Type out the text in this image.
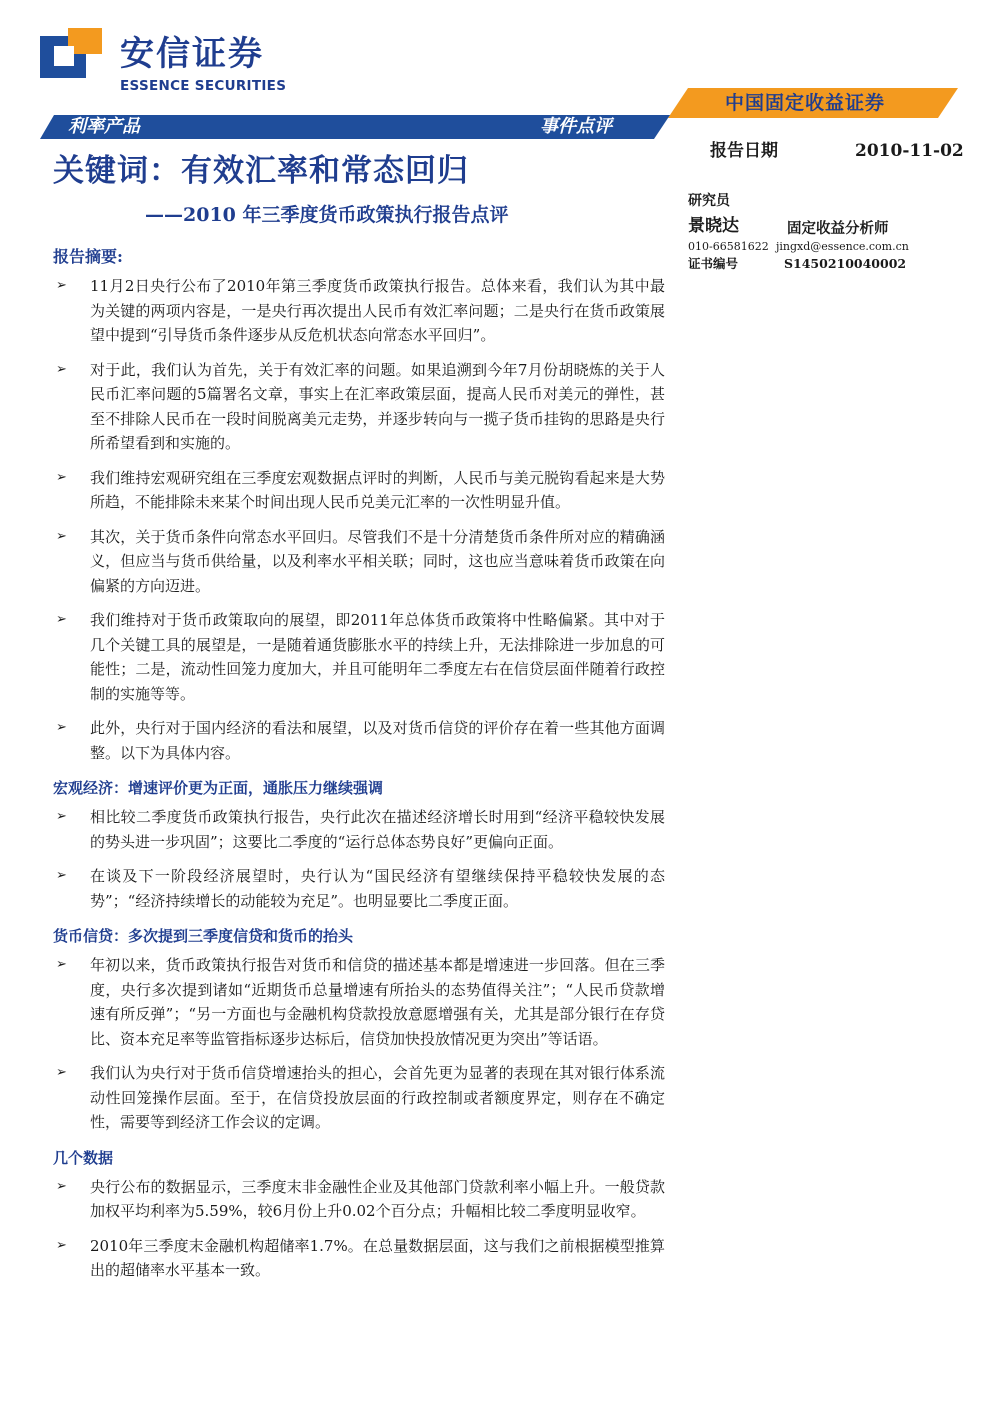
安信证券
ESSENCE SECURITIES
中国固定收益证券
利率产品	事件点评
关键词：有效汇率和常态回归
——2010 年三季度货币政策执行报告点评
报告日期	2010-11-02
研究员
景晓达	固定收益分析师
010-66581622 jingxd@essence.com.cn
证书编号	S1450210040002
报告摘要:
➢ 11月2日央行公布了2010年第三季度货币政策执行报告。总体来看，我们认为其中最为关键的两项内容是，一是央行再次提出人民币有效汇率问题；二是央行在货币政策展望中提到“引导货币条件逐步从反危机状态向常态水平回归”。
➢ 对于此，我们认为首先，关于有效汇率的问题。如果追溯到今年7月份胡晓炼的关于人民币汇率问题的5篇署名文章，事实上在汇率政策层面，提高人民币对美元的弹性，甚至不排除人民币在一段时间脱离美元走势，并逐步转向与一揽子货币挂钩的思路是央行所希望看到和实施的。
➢ 我们维持宏观研究组在三季度宏观数据点评时的判断，人民币与美元脱钩看起来是大势所趋，不能排除未来某个时间出现人民币兑美元汇率的一次性明显升值。
➢ 其次，关于货币条件向常态水平回归。尽管我们不是十分清楚货币条件所对应的精确涵义，但应当与货币供给量，以及利率水平相关联；同时，这也应当意味着货币政策在向偏紧的方向迈进。
➢ 我们维持对于货币政策取向的展望，即2011年总体货币政策将中性略偏紧。其中对于几个关键工具的展望是，一是随着通货膨胀水平的持续上升，无法排除进一步加息的可能性；二是，流动性回笼力度加大，并且可能明年二季度左右在信贷层面伴随着行政控制的实施等等。
➢ 此外，央行对于国内经济的看法和展望，以及对货币信贷的评价存在着一些其他方面调整。以下为具体内容。
宏观经济：增速评价更为正面，通胀压力继续强调
➢ 相比较二季度货币政策执行报告，央行此次在描述经济增长时用到“经济平稳较快发展的势头进一步巩固”；这要比二季度的“运行总体态势良好”更偏向正面。
➢ 在谈及下一阶段经济展望时，央行认为“国民经济有望继续保持平稳较快发展的态势”；“经济持续增长的动能较为充足”。也明显要比二季度正面。
货币信贷：多次提到三季度信贷和货币的抬头
➢ 年初以来，货币政策执行报告对货币和信贷的描述基本都是增速进一步回落。但在三季度，央行多次提到诸如“近期货币总量增速有所抬头的态势值得关注”；“人民币贷款增速有所反弹”；“另一方面也与金融机构贷款投放意愿增强有关，尤其是部分银行在存贷比、资本充足率等监管指标逐步达标后，信贷加快投放情况更为突出”等话语。
➢ 我们认为央行对于货币信贷增速抬头的担心，会首先更为显著的表现在其对银行体系流动性回笼操作层面。至于，在信贷投放层面的行政控制或者额度界定，则存在不确定性，需要等到经济工作会议的定调。
几个数据
➢ 央行公布的数据显示，三季度末非金融性企业及其他部门贷款利率小幅上升。一般贷款加权平均利率为5.59%，较6月份上升0.02个百分点；升幅相比较二季度明显收窄。
➢ 2010年三季度末金融机构超储率1.7%。在总量数据层面，这与我们之前根据模型推算出的超储率水平基本一致。
